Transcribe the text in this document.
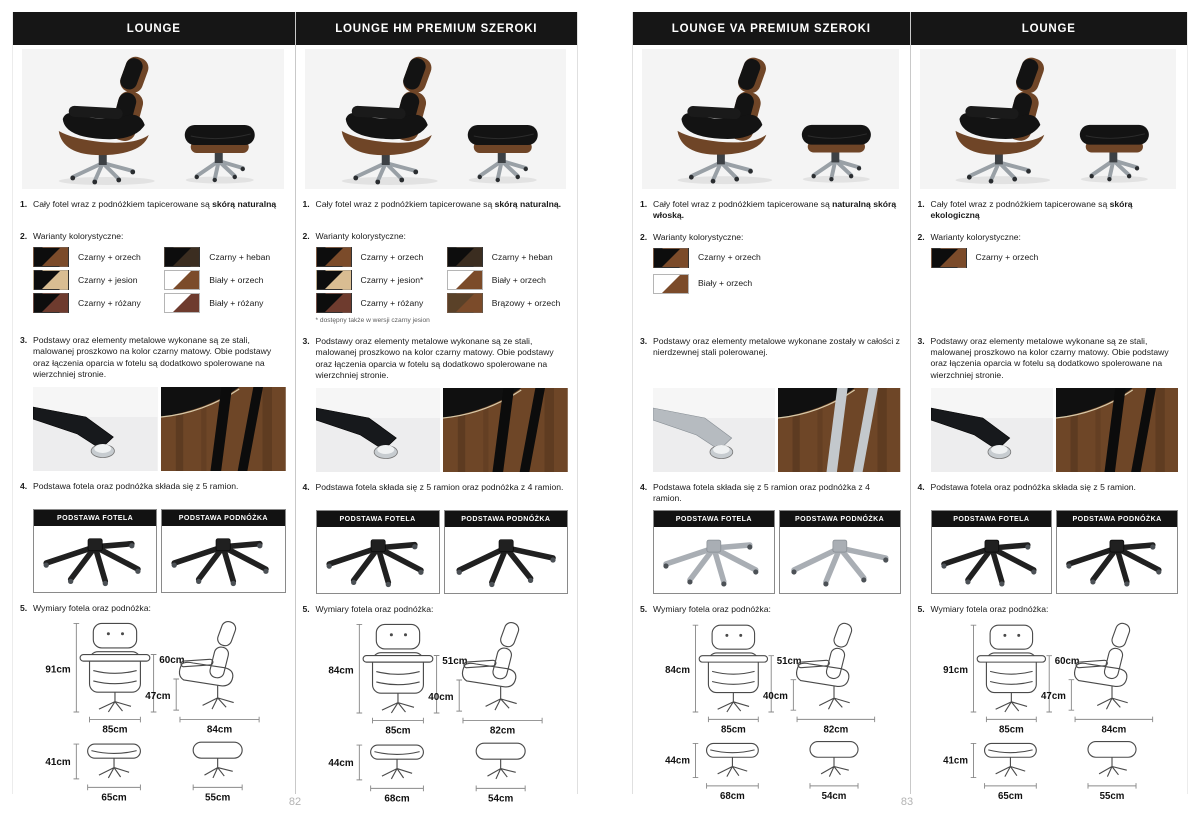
LOUNGE
1. Cały fotel wraz z podnóżkiem tapicerowane są skórą naturalną

2. Warianty kolorystyczne:

Czarny + orzech	Czarny + heban
Czarny + jesion	Biały + orzech
Czarny + różany	Biały + różany
3. Podstawy oraz elementy metalowe wykonane są ze stali, malowanej proszkowo na kolor czarny matowy. Obie podstawy oraz łączenia oparcia w fotelu są dodatkowo spolerowane na wierzchniej stronie.

4. Podstawa fotela oraz podnóżka składa się z 5 ramion.

PODSTAWA FOTELA	PODSTAWA PODNÓŻKA
5. Wymiary fotela oraz podnóżka:

91cm
60cm
85cm
47cm
84cm
41cm
65cm	55cm
LOUNGE HM PREMIUM SZEROKI
1. Cały fotel wraz z podnóżkiem tapicerowane są skórą naturalną.

2. Warianty kolorystyczne:

Czarny + orzech	Czarny + heban
Czarny + jesion*	Biały + orzech
Czarny + różany	Brązowy + orzech

* dostępny także w wersji czarny jesion

3. Podstawy oraz elementy metalowe wykonane są ze stali, malowanej proszkowo na kolor czarny matowy. Obie podstawy oraz łączenia oparcia w fotelu są dodatkowo spolerowane na wierzchniej stronie.

4. Podstawa fotela składa się z 5 ramion oraz podnóżka z 4 ramion.

PODSTAWA FOTELA	PODSTAWA PODNÓŻKA
5. Wymiary fotela oraz podnóżka:

84cm
51cm
85cm
40cm
82cm
44cm
68cm	54cm
LOUNGE VA PREMIUM SZEROKI
1. Cały fotel wraz z podnóżkiem tapicerowane są naturalną skórą włoską.

2. Warianty kolorystyczne:

Czarny + orzech
Biały + orzech
3. Podstawy oraz elementy metalowe wykonane zostały w całości z nierdzewnej stali polerowanej.

4. Podstawa fotela składa się z 5 ramion oraz podnóżka z 4 ramion.

PODSTAWA FOTELA	PODSTAWA PODNÓŻKA
5. Wymiary fotela oraz podnóżka:

84cm
51cm
85cm
40cm
82cm
44cm
68cm	54cm
LOUNGE
1. Cały fotel wraz z podnóżkiem tapicerowane są skórą ekologiczną

2. Warianty kolorystyczne:

Czarny + orzech
3. Podstawy oraz elementy metalowe wykonane są ze stali, malowanej proszkowo na kolor czarny matowy. Obie podstawy oraz łączenia oparcia w fotelu są dodatkowo spolerowane na wierzchniej stronie.

4. Podstawa fotela oraz podnóżka składa się z 5 ramion.

PODSTAWA FOTELA	PODSTAWA PODNÓŻKA
5. Wymiary fotela oraz podnóżka:

91cm
60cm
85cm
47cm
84cm
41cm
65cm	55cm
82	83
